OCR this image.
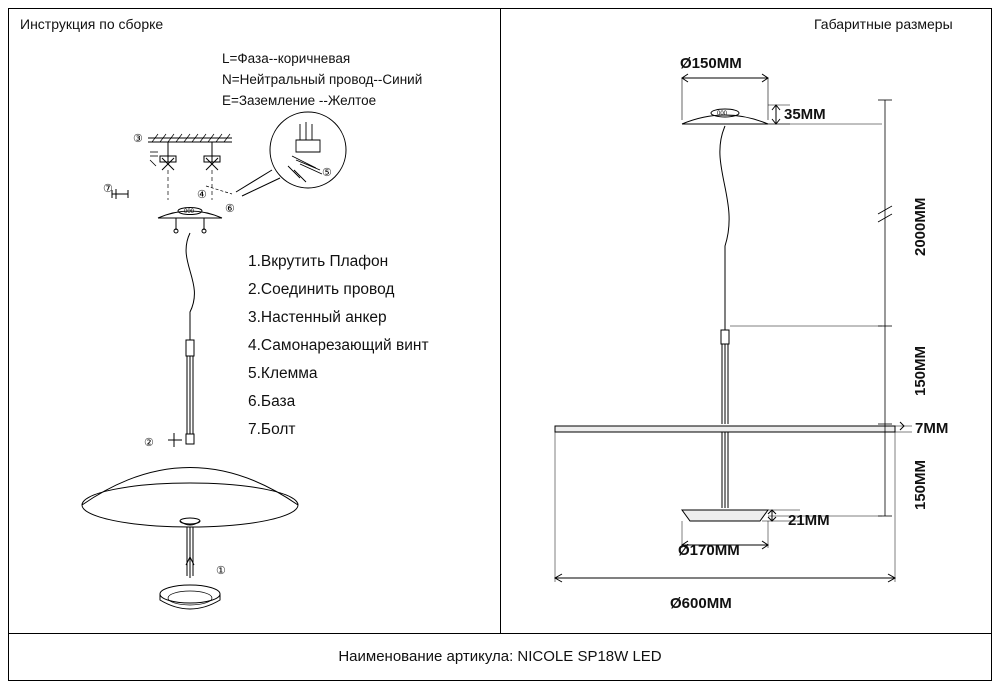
Инструкция по сборке	Габаритные размеры
L=Фаза--коричневая
N=Нейтральный провод--Синий
E=Заземление --Желтое
1.Вкрутить Плафон
2.Соединить провод
3.Настенный анкер
4.Самонарезающий винт
5.Клемма
6.База
7.Болт
000
③
⑦	④
⑥
⑤
②
①
000
Ø150MM
35MM
2000MM
150MM
7MM
150MM
21MM
Ø170MM
Ø600MM
Наименование артикула: NICOLE SP18W LED
